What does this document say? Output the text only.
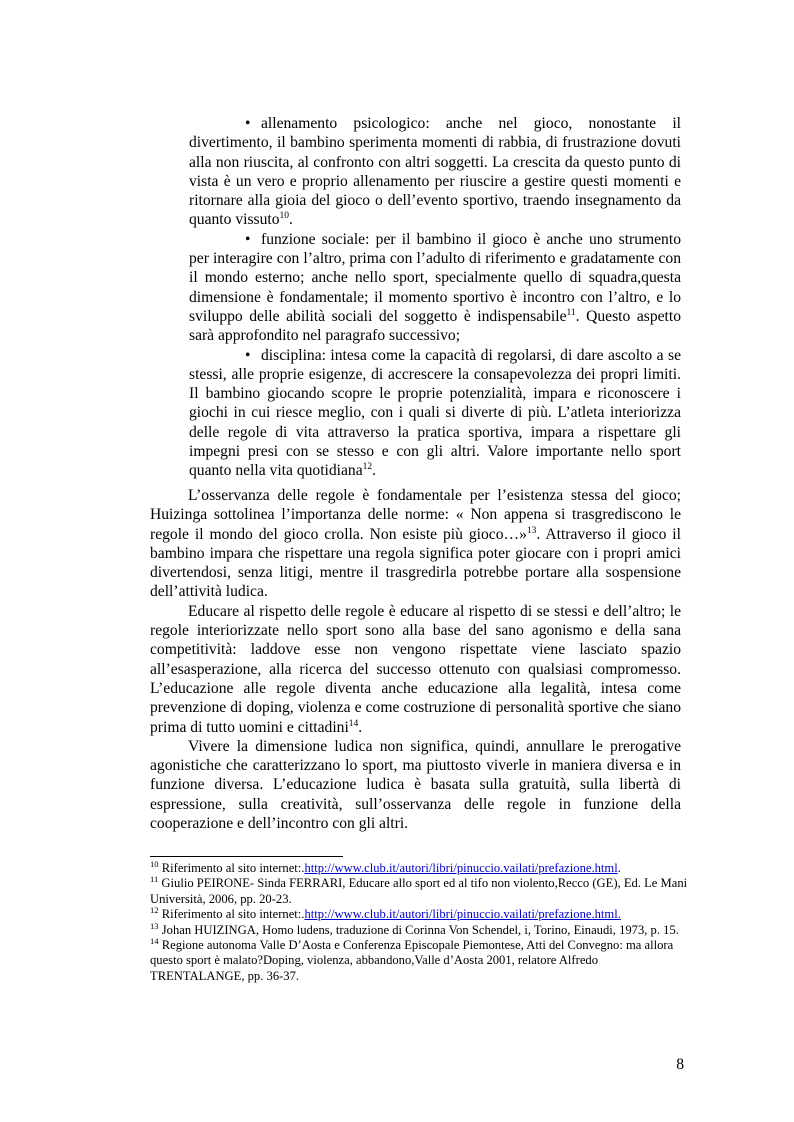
• allenamento psicologico: anche nel gioco, nonostante il divertimento, il bambino sperimenta momenti di rabbia, di frustrazione dovuti alla non riuscita, al confronto con altri soggetti. La crescita da questo punto di vista è un vero e proprio allenamento per riuscire a gestire questi momenti e ritornare alla gioia del gioco o dell’evento sportivo, traendo insegnamento da quanto vissuto$^{10}$.

• funzione sociale: per il bambino il gioco è anche uno strumento per interagire con l’altro, prima con l’adulto di riferimento e gradatamente con il mondo esterno; anche nello sport, specialmente quello di squadra,questa dimensione è fondamentale; il momento sportivo è incontro con l’altro, e lo sviluppo delle abilità sociali del soggetto è indispensabile$^{11}$. Questo aspetto sarà approfondito nel paragrafo successivo;

• disciplina: intesa come la capacità di regolarsi, di dare ascolto a se stessi, alle proprie esigenze, di accrescere la consapevolezza dei propri limiti. Il bambino giocando scopre le proprie potenzialità, impara e riconoscere i giochi in cui riesce meglio, con i quali si diverte di più. L’atleta interiorizza delle regole di vita attraverso la pratica sportiva, impara a rispettare gli impegni presi con se stesso e con gli altri. Valore importante nello sport quanto nella vita quotidiana$^{12}$.

L’osservanza delle regole è fondamentale per l’esistenza stessa del gioco; Huizinga sottolinea l’importanza delle norme: « Non appena si trasgrediscono le regole il mondo del gioco crolla. Non esiste più gioco…»$^{13}$. Attraverso il gioco il bambino impara che rispettare una regola significa poter giocare con i propri amici divertendosi, senza litigi, mentre il trasgredirla potrebbe portare alla sospensione dell’attività ludica.

Educare al rispetto delle regole è educare al rispetto di se stessi e dell’altro; le regole interiorizzate nello sport sono alla base del sano agonismo e della sana competitività: laddove esse non vengono rispettate viene lasciato spazio all’esasperazione, alla ricerca del successo ottenuto con qualsiasi compromesso. L’educazione alle regole diventa anche educazione alla legalità, intesa come prevenzione di doping, violenza e come costruzione di personalità sportive che siano prima di tutto uomini e cittadini$^{14}$.

Vivere la dimensione ludica non significa, quindi, annullare le prerogative agonistiche che caratterizzano lo sport, ma piuttosto viverle in maniera diversa e in funzione diversa. L’educazione ludica è basata sulla gratuità, sulla libertà di espressione, sulla creatività, sull’osservanza delle regole in funzione della cooperazione e dell’incontro con gli altri.

$^{10}$ Riferimento al sito internet:.http://www.club.it/autori/libri/pinuccio.vailati/prefazione.html.

$^{11}$ Giulio PEIRONE- Sinda FERRARI, Educare allo sport ed al tifo non violento,Recco (GE), Ed. Le Mani Università, 2006, pp. 20-23.

$^{12}$ Riferimento al sito internet:.http://www.club.it/autori/libri/pinuccio.vailati/prefazione.html.

$^{13}$ Johan HUIZINGA, Homo ludens, traduzione di Corinna Von Schendel, i, Torino, Einaudi, 1973, p. 15.

$^{14}$ Regione autonoma Valle D’Aosta e Conferenza Episcopale Piemontese, Atti del Convegno: ma allora questo sport è malato?Doping, violenza, abbandono,Valle d’Aosta 2001, relatore Alfredo TRENTALANGE, pp. 36-37.

8
